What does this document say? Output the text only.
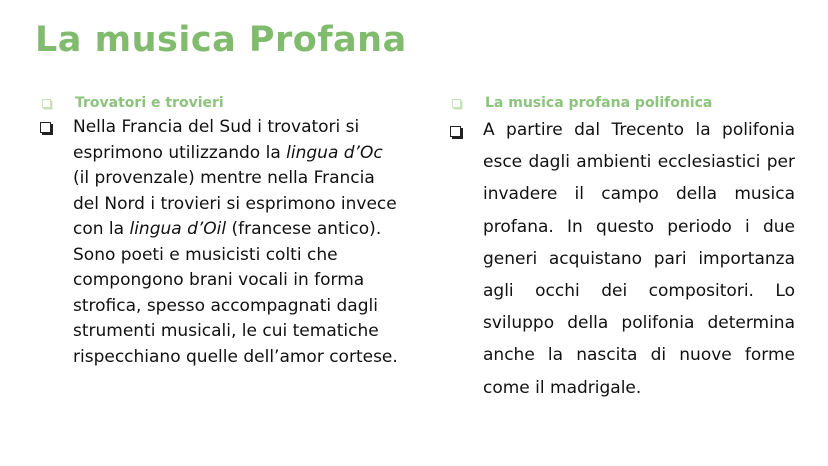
La musica Profana
Trovatori e trovieri
Nella Francia del Sud i trovatori si esprimono utilizzando la lingua d’Oc (il provenzale) mentre nella Francia del Nord i trovieri si esprimono invece con la lingua d’Oil (francese antico). Sono poeti e musicisti colti che compongono brani vocali in forma strofica, spesso accompagnati dagli strumenti musicali, le cui tematiche rispecchiano quelle dell’amor cortese.
La musica profana polifonica
A partire dal Trecento la polifonia esce dagli ambienti ecclesiastici per invadere il campo della musica profana. In questo periodo i due generi acquistano pari importanza agli occhi dei compositori. Lo sviluppo della polifonia determina anche la nascita di nuove forme come il madrigale.
